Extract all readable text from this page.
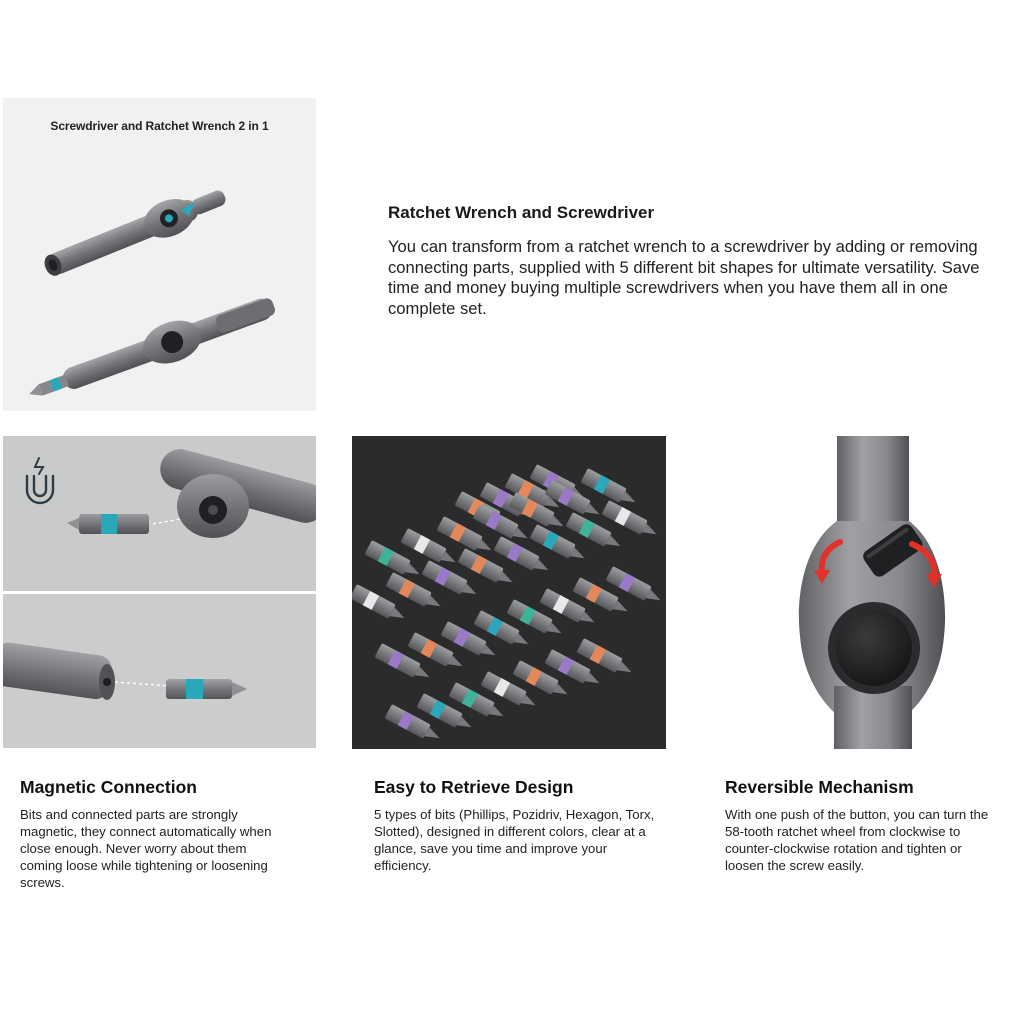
Screwdriver and Ratchet Wrench 2 in 1
Ratchet Wrench and Screwdriver

You can transform from a ratchet wrench to a screwdriver by adding or removing connecting parts, supplied with 5 different bit shapes for ultimate versatility. Save time and money buying multiple screwdrivers when you have them all in one complete set.

Magnetic Connection

Bits and connected parts are strongly magnetic, they connect automatically when close enough. Never worry about them coming loose while tightening or loosening screws.

Easy to Retrieve Design

5 types of bits (Phillips, Pozidriv, Hexagon, Torx, Slotted), designed in different colors, clear at a glance, save you time and improve your efficiency.

Reversible Mechanism

With one push of the button, you can turn the 58-tooth ratchet wheel from clockwise to counter-clockwise rotation and tighten or loosen the screw easily.
